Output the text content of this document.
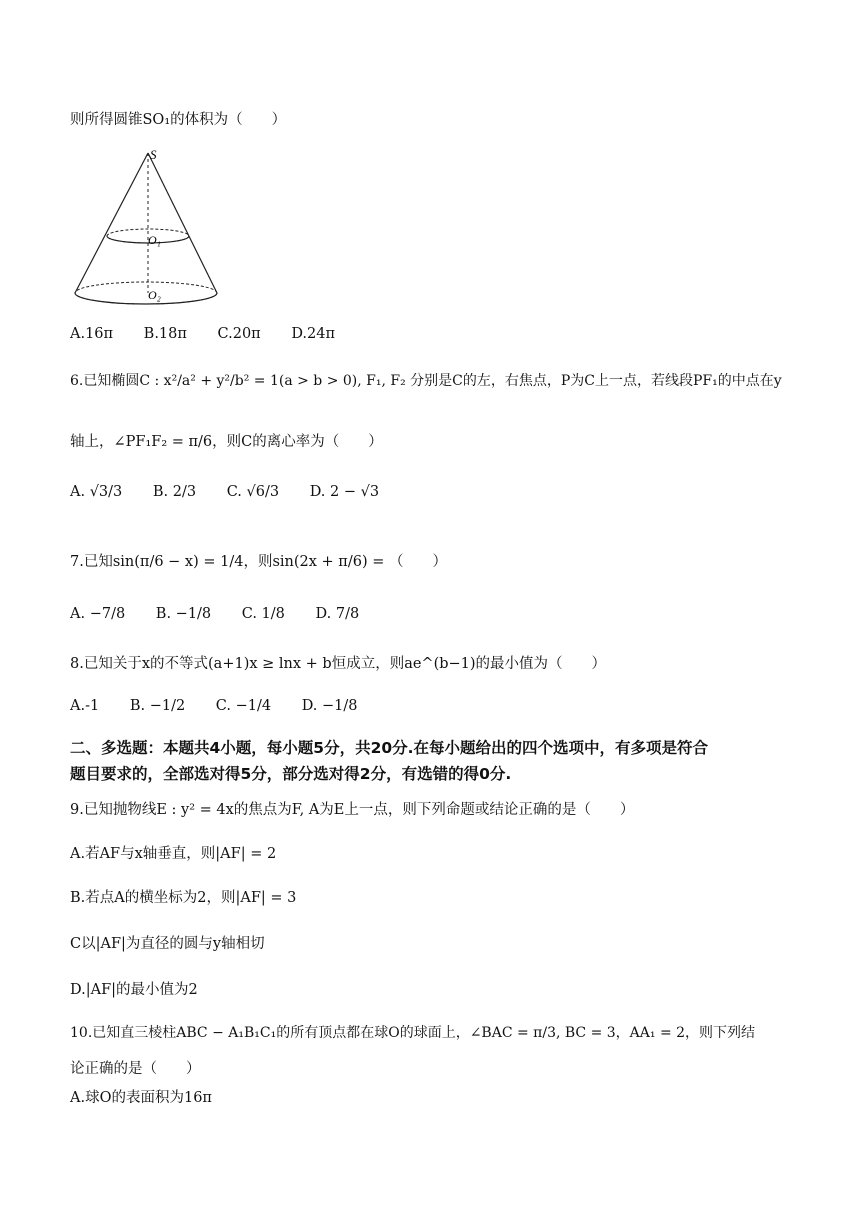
则所得圆锥SO₁的体积为（　　）
S
O₁
O₂
A.16π B.18π C.20π D.24π
6.已知椭圆C : x²/a² + y²/b² = 1(a > b > 0), F₁, F₂ 分别是C的左，右焦点，P为C上一点，若线段PF₁的中点在y
轴上，∠PF₁F₂ = π/6，则C的离心率为（　　）
A. √3/3 B. 2/3 C. √6/3 D. 2 − √3
7.已知sin(π/6 − x) = 1/4，则sin(2x + π/6) = （　　）
A. −7/8 B. −1/8 C. 1/8 D. 7/8
8.已知关于x的不等式(a+1)x ≥ lnx + b恒成立，则ae^(b−1)的最小值为（　　）
A.-1 B. −1/2 C. −1/4 D. −1/8
二、多选题：本题共4小题，每小题5分，共20分.在每小题给出的四个选项中，有多项是符合
题目要求的，全部选对得5分，部分选对得2分，有选错的得0分.
9.已知抛物线E : y² = 4x的焦点为F, A为E上一点，则下列命题或结论正确的是（　　）
A.若AF与x轴垂直，则|AF| = 2
B.若点A的横坐标为2，则|AF| = 3
C以|AF|为直径的圆与y轴相切
D.|AF|的最小值为2
10.已知直三棱柱ABC − A₁B₁C₁的所有顶点都在球O的球面上，∠BAC = π/3, BC = 3，AA₁ = 2，则下列结
论正确的是（　　）
A.球O的表面积为16π
